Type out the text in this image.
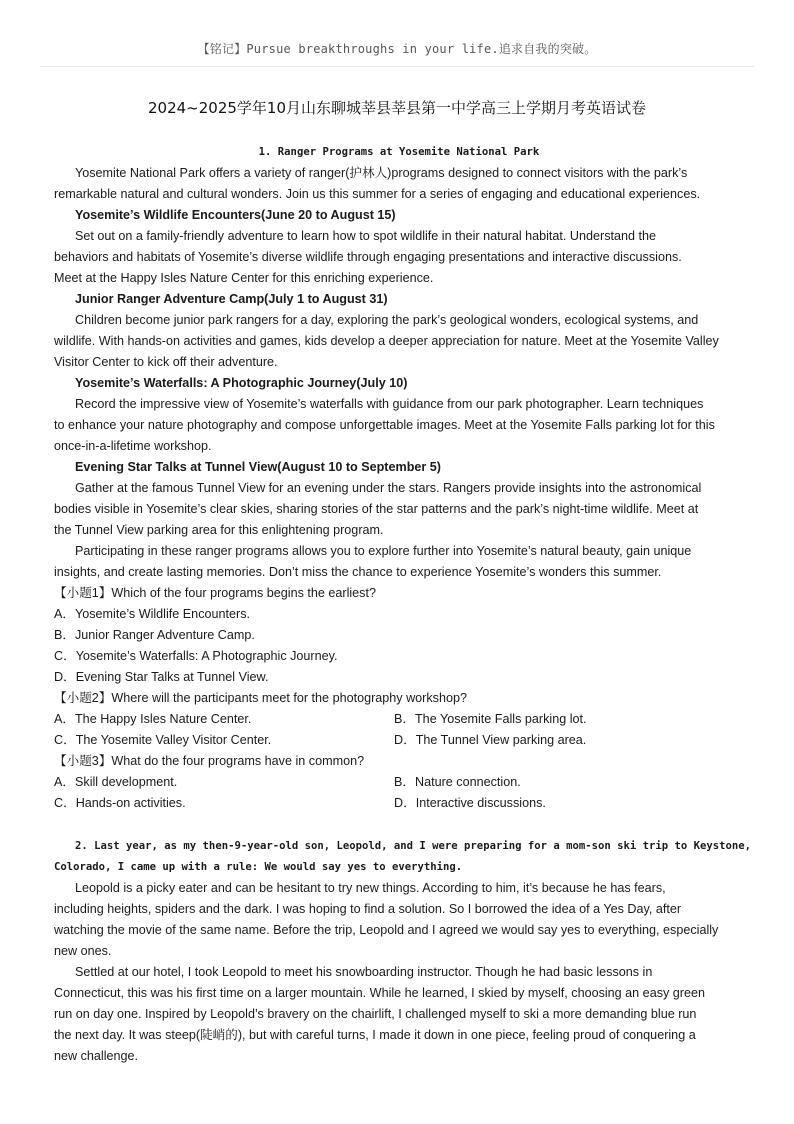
【铭记】Pursue breakthroughs in your life.追求自我的突破。
2024~2025学年10月山东聊城莘县莘县第一中学高三上学期月考英语试卷
1. Ranger Programs at Yosemite National Park
Yosemite National Park offers a variety of ranger(护林人)programs designed to connect visitors with the park’s
remarkable natural and cultural wonders. Join us this summer for a series of engaging and educational experiences.
Yosemite’s Wildlife Encounters(June 20 to August 15)
Set out on a family-friendly adventure to learn how to spot wildlife in their natural habitat. Understand the
behaviors and habitats of Yosemite’s diverse wildlife through engaging presentations and interactive discussions.
Meet at the Happy Isles Nature Center for this enriching experience.
Junior Ranger Adventure Camp(July 1 to August 31)
Children become junior park rangers for a day, exploring the park’s geological wonders, ecological systems, and
wildlife. With hands-on activities and games, kids develop a deeper appreciation for nature. Meet at the Yosemite Valley
Visitor Center to kick off their adventure.
Yosemite’s Waterfalls: A Photographic Journey(July 10)
Record the impressive view of Yosemite’s waterfalls with guidance from our park photographer. Learn techniques
to enhance your nature photography and compose unforgettable images. Meet at the Yosemite Falls parking lot for this
once-in-a-lifetime workshop.
Evening Star Talks at Tunnel View(August 10 to September 5)
Gather at the famous Tunnel View for an evening under the stars. Rangers provide insights into the astronomical
bodies visible in Yosemite’s clear skies, sharing stories of the star patterns and the park’s night-time wildlife. Meet at
the Tunnel View parking area for this enlightening program.
Participating in these ranger programs allows you to explore further into Yosemite’s natural beauty, gain unique
insights, and create lasting memories. Don’t miss the chance to experience Yosemite’s wonders this summer.
【小题1】Which of the four programs begins the earliest?
A．Yosemite’s Wildlife Encounters.
B．Junior Ranger Adventure Camp.
C．Yosemite’s Waterfalls: A Photographic Journey.
D．Evening Star Talks at Tunnel View.
【小题2】Where will the participants meet for the photography workshop?
A．The Happy Isles Nature Center.	B．The Yosemite Falls parking lot.
C．The Yosemite Valley Visitor Center.	D．The Tunnel View parking area.
【小题3】What do the four programs have in common?
A．Skill development.	B．Nature connection.
C．Hands-on activities.	D．Interactive discussions.
2. Last year, as my then-9-year-old son, Leopold, and I were preparing for a mom-son ski trip to Keystone,
Colorado, I came up with a rule: We would say yes to everything.
Leopold is a picky eater and can be hesitant to try new things. According to him, it’s because he has fears,
including heights, spiders and the dark. I was hoping to find a solution. So I borrowed the idea of a Yes Day, after
watching the movie of the same name. Before the trip, Leopold and I agreed we would say yes to everything, especially
new ones.
Settled at our hotel, I took Leopold to meet his snowboarding instructor. Though he had basic lessons in
Connecticut, this was his first time on a larger mountain. While he learned, I skied by myself, choosing an easy green
run on day one. Inspired by Leopold’s bravery on the chairlift, I challenged myself to ski a more demanding blue run
the next day. It was steep(陡峭的), but with careful turns, I made it down in one piece, feeling proud of conquering a
new challenge.
